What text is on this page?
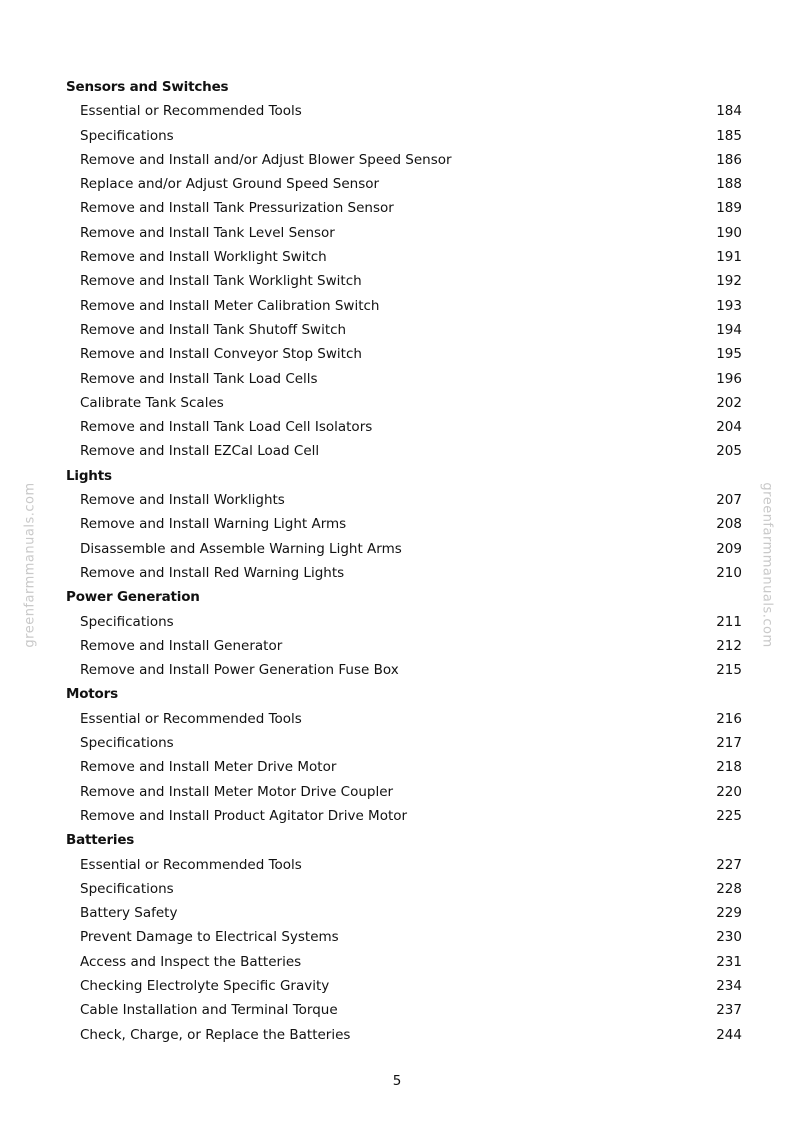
greenfarmmanuals.com	greenfarmmanuals.com
Sensors and Switches
Essential or Recommended Tools	184
Specifications	185
Remove and Install and/or Adjust Blower Speed Sensor	186
Replace and/or Adjust Ground Speed Sensor	188
Remove and Install Tank Pressurization Sensor	189
Remove and Install Tank Level Sensor	190
Remove and Install Worklight Switch	191
Remove and Install Tank Worklight Switch	192
Remove and Install Meter Calibration Switch	193
Remove and Install Tank Shutoff Switch	194
Remove and Install Conveyor Stop Switch	195
Remove and Install Tank Load Cells	196
Calibrate Tank Scales	202
Remove and Install Tank Load Cell Isolators	204
Remove and Install EZCal Load Cell	205
Lights
Remove and Install Worklights	207
Remove and Install Warning Light Arms	208
Disassemble and Assemble Warning Light Arms	209
Remove and Install Red Warning Lights	210
Power Generation
Specifications	211
Remove and Install Generator	212
Remove and Install Power Generation Fuse Box	215
Motors
Essential or Recommended Tools	216
Specifications	217
Remove and Install Meter Drive Motor	218
Remove and Install Meter Motor Drive Coupler	220
Remove and Install Product Agitator Drive Motor	225
Batteries
Essential or Recommended Tools	227
Specifications	228
Battery Safety	229
Prevent Damage to Electrical Systems	230
Access and Inspect the Batteries	231
Checking Electrolyte Specific Gravity	234
Cable Installation and Terminal Torque	237
Check, Charge, or Replace the Batteries	244
5
